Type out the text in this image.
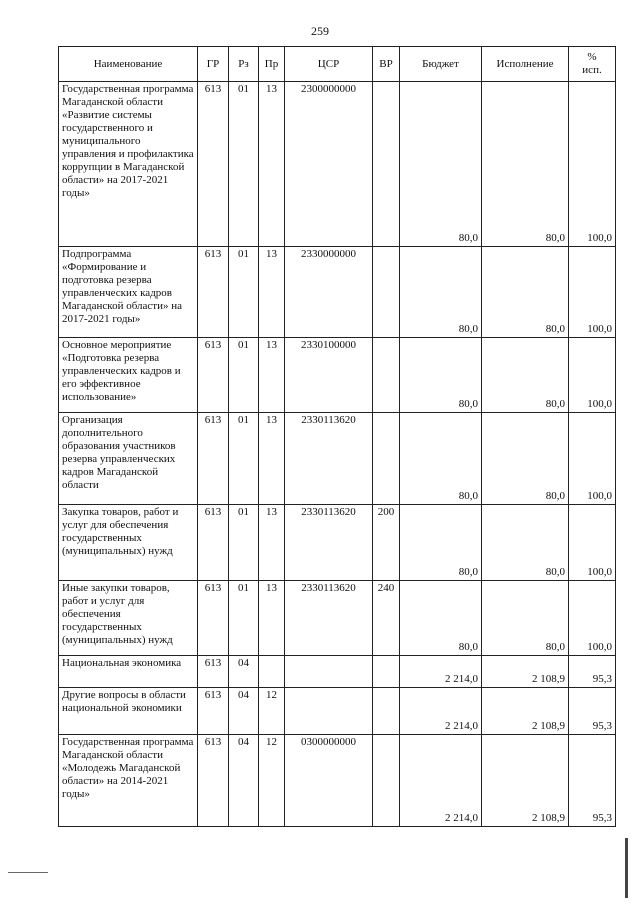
259
Наименование	ГР	Рз	Пр	ЦСР	ВР	Бюджет	Исполнение	%
исп.

Государственная программа Магаданской области «Развитие системы государственного и муниципального управления и профилактика коррупции в Магаданской области» на 2017-2021 годы»	613	01	13	2300000000		80,0	80,0	100,0
Подпрограмма «Формирование и подготовка резерва управленческих кадров Магаданской области» на 2017-2021 годы»	613	01	13	2330000000		80,0	80,0	100,0
Основное мероприятие «Подготовка резерва управленческих кадров и его эффективное использование»	613	01	13	2330100000		80,0	80,0	100,0
Организация дополнительного образования участников резерва управленческих кадров Магаданской области	613	01	13	2330113620		80,0	80,0	100,0
Закупка товаров, работ и услуг для обеспечения государственных (муниципальных) нужд	613	01	13	2330113620	200	80,0	80,0	100,0
Иные закупки товаров, работ и услуг для обеспечения государственных (муниципальных) нужд	613	01	13	2330113620	240	80,0	80,0	100,0
Национальная экономика	613	04				2 214,0	2 108,9	95,3
Другие вопросы в области национальной экономики	613	04	12			2 214,0	2 108,9	95,3
Государственная программа Магаданской области «Молодежь Магаданской области» на 2014-2021 годы»	613	04	12	0300000000		2 214,0	2 108,9	95,3
